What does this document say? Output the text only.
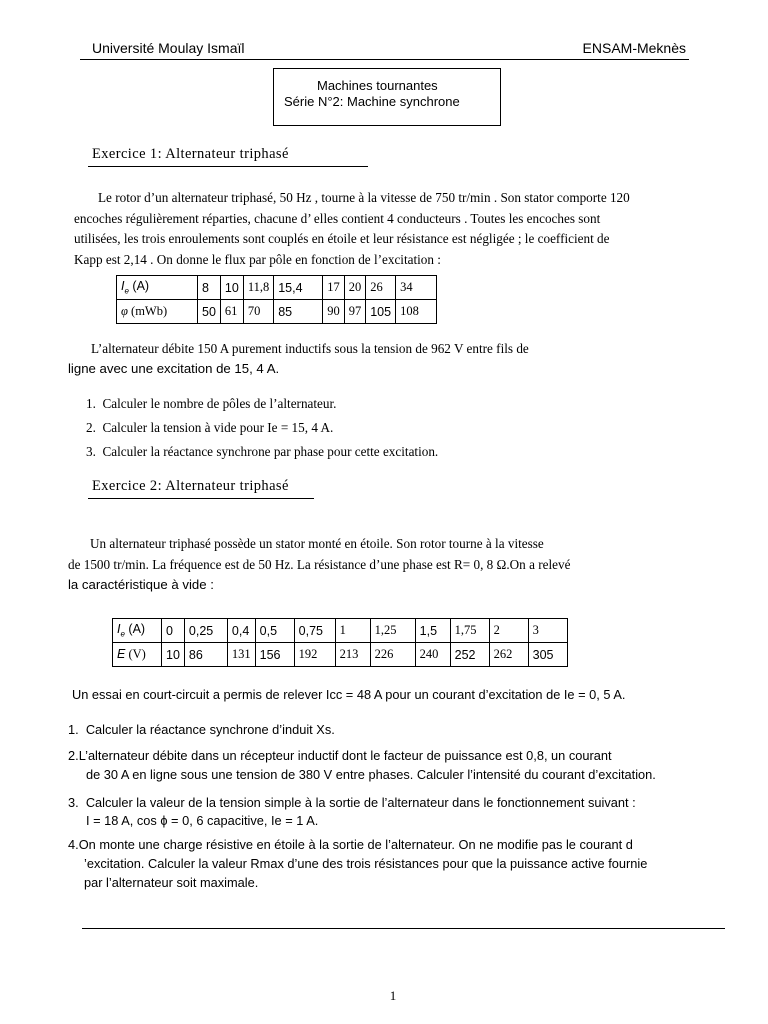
Université Moulay Ismaïl	ENSAM-Meknès
Machines tournantes
Série N°2: Machine synchrone
Exercice 1: Alternateur triphasé
Le rotor d’un alternateur triphasé, 50 Hz , tourne à la vitesse de 750 tr/min . Son stator comporte 120
encoches régulièrement réparties, chacune d’ elles contient 4 conducteurs . Toutes les encoches sont
utilisées, les trois enroulements sont couplés en étoile et leur résistance est négligée ; le coefficient de
Kapp est 2,14 . On donne le flux par pôle en fonction de l’excitation :
$I_e$ (A)	8	10	11,8	15,4	17	20	26	34
φ (mWb)	50	61	70	85	90	97	105	108
L’alternateur débite 150 A purement inductifs sous la tension de 962 V entre fils de
ligne avec une excitation de 15, 4 A.
1. Calculer le nombre de pôles de l’alternateur.
2. Calculer la tension à vide pour Ie = 15, 4 A.
3. Calculer la réactance synchrone par phase pour cette excitation.
Exercice 2: Alternateur triphasé
Un alternateur triphasé possède un stator monté en étoile. Son rotor tourne à la vitesse
de 1500 tr/min. La fréquence est de 50 Hz. La résistance d’une phase est R= 0, 8 Ω.On a relevé
la caractéristique à vide :
$I_e$ (A)	0	0,25	0,4	0,5	0,75	1	1,25	1,5	1,75	2	3
E (V)	10	86	131	156	192	213	226	240	252	262	305
Un essai en court-circuit a permis de relever Icc = 48 A pour un courant d’excitation de Ie = 0, 5 A.
1. Calculer la réactance synchrone d’induit Xs.
2.L’alternateur débite dans un récepteur inductif dont le facteur de puissance est 0,8, un courant
de 30 A en ligne sous une tension de 380 V entre phases. Calculer l’intensité du courant d’excitation.
3. Calculer la valeur de la tension simple à la sortie de l’alternateur dans le fonctionnement suivant :
I = 18 A, cos ϕ = 0, 6 capacitive, Ie = 1 A.
4.On monte une charge résistive en étoile à la sortie de l’alternateur. On ne modifie pas le courant d
’excitation. Calculer la valeur Rmax d’une des trois résistances pour que la puissance active fournie
par l’alternateur soit maximale.
1
